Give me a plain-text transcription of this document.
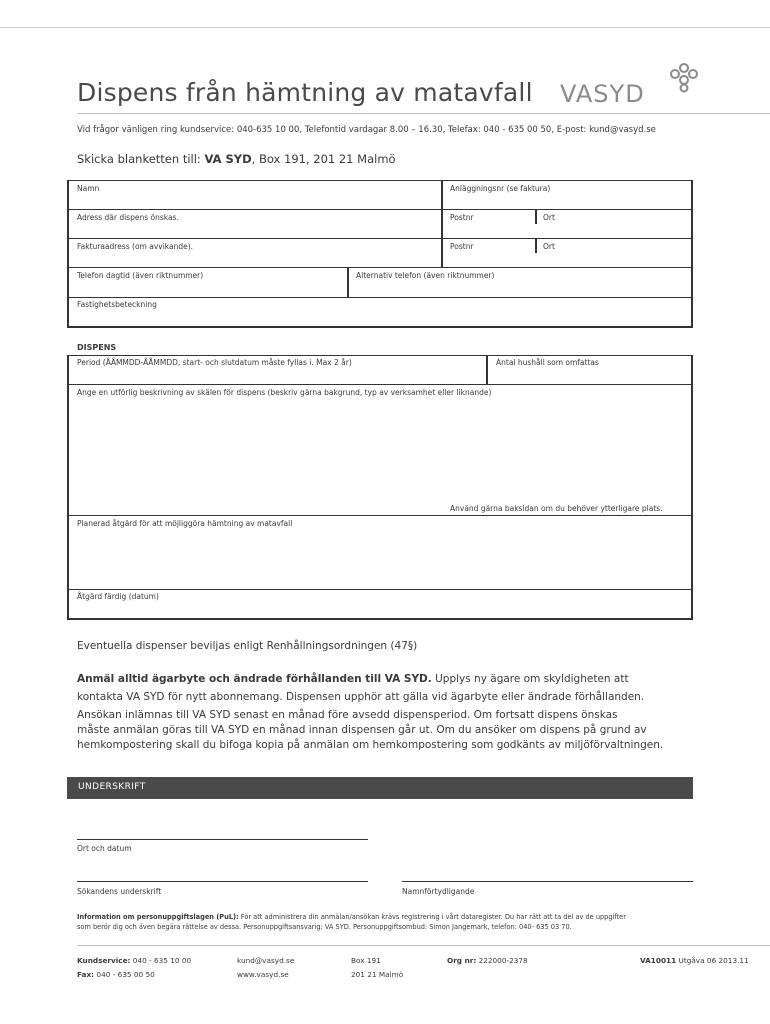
Dispens från hämtning av matavfall VASYD
Vid frågor vänligen ring kundservice: 040-635 10 00, Telefontid vardagar 8.00 – 16.30, Telefax: 040 - 635 00 50, E-post: kund@vasyd.se
Skicka blanketten till: VA SYD, Box 191, 201 21 Malmö
Namn	Anläggningsnr (se faktura)
Adress där dispens önskas.	Postnr	Ort
Fakturaadress (om avvikande).	Postnr	Ort
Telefon dagtid (även riktnummer)	Alternativ telefon (även riktnummer)
Fastighetsbeteckning
DISPENS
Period (ÅÅMMDD-ÅÅMMDD, start- och slutdatum måste fyllas i. Max 2 år)	Antal hushåll som omfattas
Ange en utförlig beskrivning av skälen för dispens (beskriv gärna bakgrund, typ av verksamhet eller liknande)
Använd gärna baksidan om du behöver ytterligare plats.
Planerad åtgärd för att möjliggöra hämtning av matavfall
Åtgärd färdig (datum)
Eventuella dispenser beviljas enligt Renhållningsordningen (47§)
Anmäl alltid ägarbyte och ändrade förhållanden till VA SYD. Upplys ny ägare om skyldigheten att
kontakta VA SYD för nytt abonnemang. Dispensen upphör att gälla vid ägarbyte eller ändrade förhållanden.
Ansökan inlämnas till VA SYD senast en månad före avsedd dispensperiod. Om fortsatt dispens önskas
måste anmälan göras till VA SYD en månad innan dispensen går ut. Om du ansöker om dispens på grund av
hemkompostering skall du bifoga kopia på anmälan om hemkompostering som godkänts av miljöförvaltningen.
UNDERSKRIFT
Ort och datum
Sökandens underskrift	Namnförtydligande
Information om personuppgiftslagen (PuL): För att administrera din anmälan/ansökan krävs registrering i vårt dataregister. Du har rätt att ta del av de uppgifter
som berör dig och även begära rättelse av dessa. Personuppgiftsansvarig: VA SYD. Personuppgiftsombud: Simon Jangemark, telefon: 040- 635 03 70.
Kundservice: 040 - 635 10 00
Fax: 040 - 635 00 50
kund@vasyd.se
www.vasyd.se
Box 191
201 21 Malmö
Org nr: 222000-2378	VA10011 Utgåva 06 2013.11
